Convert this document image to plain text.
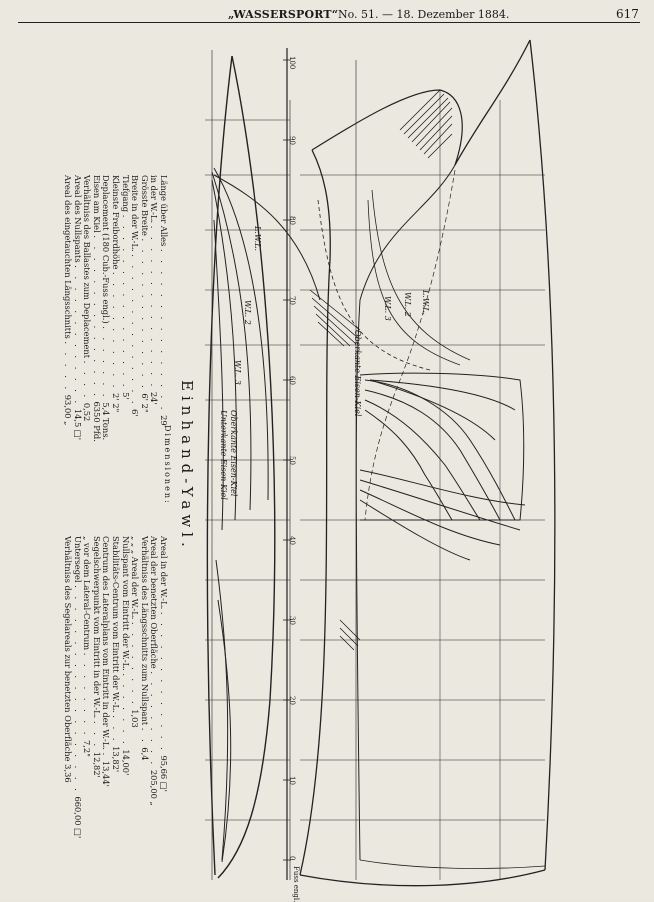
„WASSERSPORT“ No. 51. — 18. Dezember 1884.	617
100
90
80
70
60
50
40
30
20
10
0
Fuss engl.
L.W.L.
W.L. 2
W.L. 3
L.W.L.
W.L. 2
W.L. 3
Oberkante Eisen-Kiel
Oberkante Eisen-Kiel
Unterkante Eisen-Kiel
Einhand-Yawl.
Dimensionen:
Länge über Alles . . . . . . . . . . . . . . . 29'
in der W.-L. . . . . . . . . . . . . . . . 24'
Grösste Breite . . . . . . . . . . . . . . 6' 2"
Breite in der W.-L. . . . . . . . . . . . . . . 6'
Tiefgang . . . . . . . . . . . . . . . . 5'
Kleinste Freibordhöhe . . . . . . . . . . . 2' 2"
Deplacement (180 Cub.-Fuss engl.) . . . . . . . 5,4 Tons.
Eisen am Kiel . . . . . . . . . . . . . . . 6350 Pfd.
Verhältniss des Ballastes zum Deplacement . . . . 0,52
Areal des Nullspants . . . . . . . . . . . . . 14,5 □'
Areal des eingetauchten Längsschnitts . . . . . 93,00 „
Areal in der W.-L. . . . . . . . . . . . . . 95,66 □'
Areal der benetzten Oberfläche . . . . . . . . . 205,00 „
Verhältniss des Längsschnitts zum Nullspant . . 6,4
„ „ „ Areal der W.-L. . . . . . . . . 1,03
Nullspant vom Eintritt der W.-L. . . . . . . . 14,00'
Stabilitäts-Centrum vom Eintritt der W.-L. . . . 13,82'
Centrum des Lateralplans vom Eintritt in der W.-L. . 13,44'
Segelschwerpunkt vom Eintritt in der W.-L. . . . 12,82'
„ vor dem Lateral-Centrum . . . . . . . . 7,2"
Untersegel . . . . . . . . . . . . . . . . . . . 660,00 □'
Verhältniss des Segelareals zur benetzten Oberfläche 3,36
